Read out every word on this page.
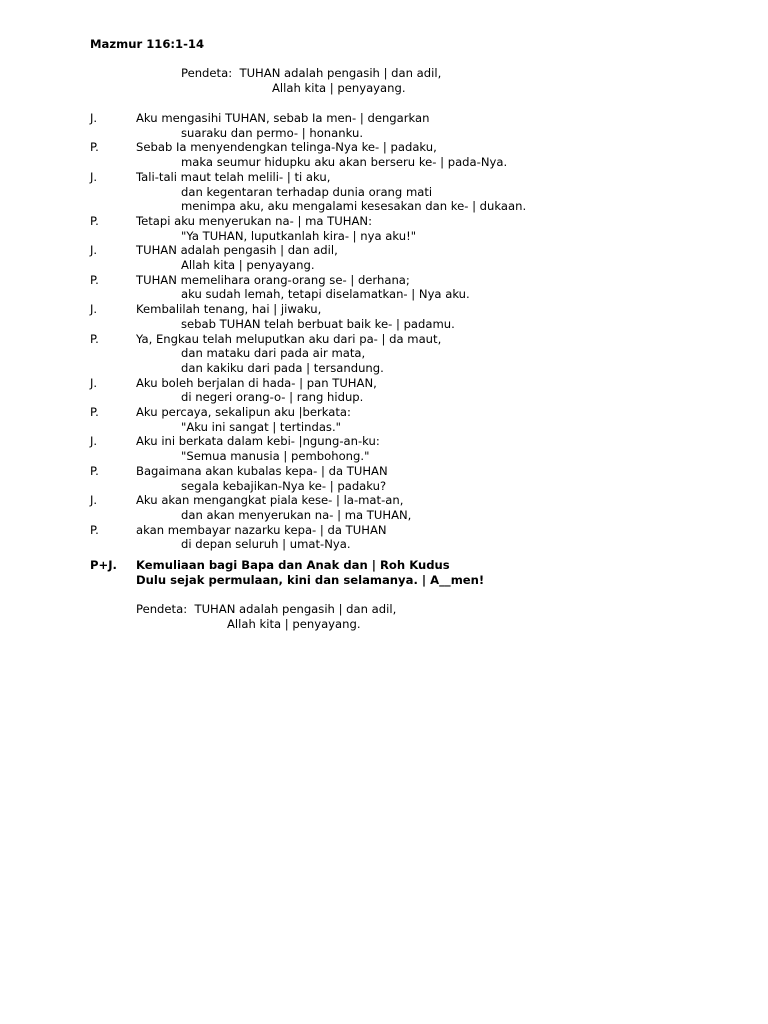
Mazmur 116:1-14
Pendeta: TUHAN adalah pengasih | dan adil,
Allah kita | penyayang.
J.	Aku mengasihi TUHAN, sebab Ia men- | dengarkan
suaraku dan permo- | honanku.
P.	Sebab Ia menyendengkan telinga-Nya ke- | padaku,
maka seumur hidupku aku akan berseru ke- | pada-Nya.
J.	Tali-tali maut telah melili- | ti aku,
dan kegentaran terhadap dunia orang mati
menimpa aku, aku mengalami kesesakan dan ke- | dukaan.
P.	Tetapi aku menyerukan na- | ma TUHAN:
"Ya TUHAN, luputkanlah kira- | nya aku!"
J.	TUHAN adalah pengasih | dan adil,
Allah kita | penyayang.
P.	TUHAN memelihara orang-orang se- | derhana;
aku sudah lemah, tetapi diselamatkan- | Nya aku.
J.	Kembalilah tenang, hai | jiwaku,
sebab TUHAN telah berbuat baik ke- | padamu.
P.	Ya, Engkau telah meluputkan aku dari pa- | da maut,
dan mataku dari pada air mata,
dan kakiku dari pada | tersandung.
J.	Aku boleh berjalan di hada- | pan TUHAN,
di negeri orang-o- | rang hidup.
P.	Aku percaya, sekalipun aku |berkata:
"Aku ini sangat | tertindas."
J.	Aku ini berkata dalam kebi- |ngung-an-ku:
"Semua manusia | pembohong."
P.	Bagaimana akan kubalas kepa- | da TUHAN
segala kebajikan-Nya ke- | padaku?
J.	Aku akan mengangkat piala kese- | la-mat-an,
dan akan menyerukan na- | ma TUHAN,
P.	akan membayar nazarku kepa- | da TUHAN
di depan seluruh | umat-Nya.
P+J. Kemuliaan bagi Bapa dan Anak dan | Roh Kudus
Dulu sejak permulaan, kini dan selamanya. | A__men!
Pendeta: TUHAN adalah pengasih | dan adil,
Allah kita | penyayang.
